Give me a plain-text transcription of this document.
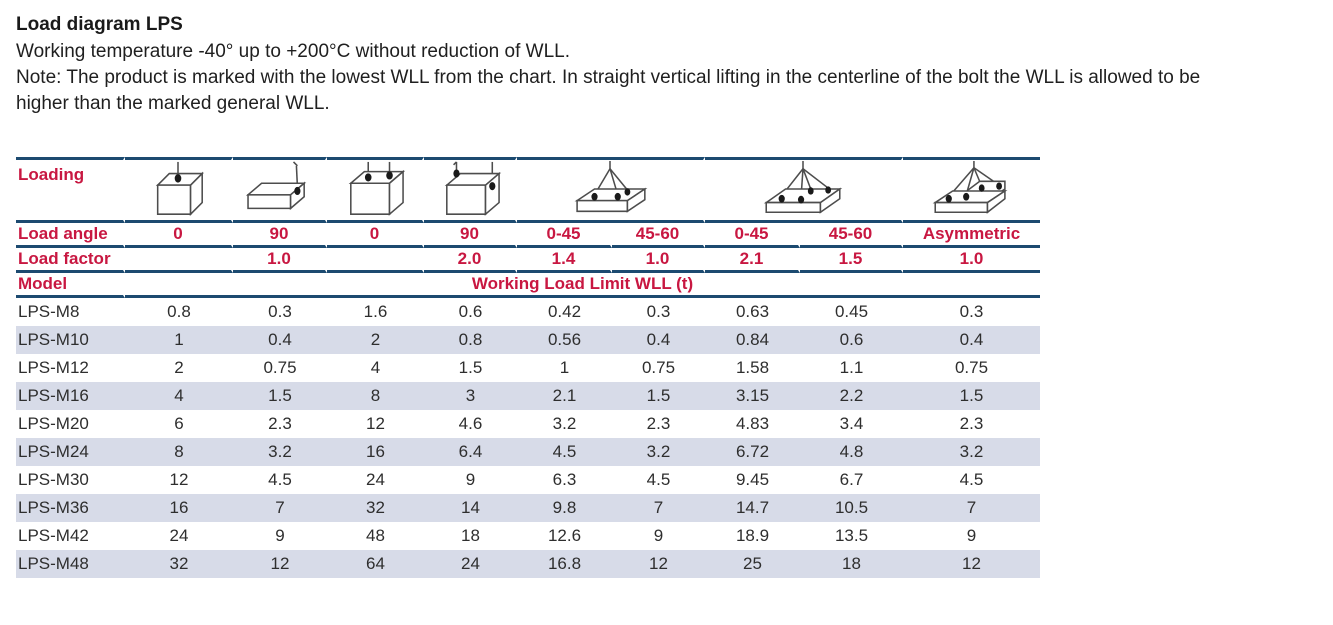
Load diagram LPS

Working temperature -40° up to +200°C without reduction of WLL.

Note: The product is marked with the lowest WLL from the chart. In straight vertical lifting in the centerline of the bolt the WLL is allowed to be

higher than the marked general WLL.

Loading	

Load angle	0	90	0	90	0-45	45-60	0-45	45-60	Asymmetric
Load factor		1.0		2.0	1.4	1.0	2.1	1.5	1.0
Model	Working Load Limit WLL (t)								
LPS-M8	0.8	0.3	1.6	0.6	0.42	0.3	0.63	0.45	0.3
LPS-M10	1	0.4	2	0.8	0.56	0.4	0.84	0.6	0.4
LPS-M12	2	0.75	4	1.5	1	0.75	1.58	1.1	0.75
LPS-M16	4	1.5	8	3	2.1	1.5	3.15	2.2	1.5
LPS-M20	6	2.3	12	4.6	3.2	2.3	4.83	3.4	2.3
LPS-M24	8	3.2	16	6.4	4.5	3.2	6.72	4.8	3.2
LPS-M30	12	4.5	24	9	6.3	4.5	9.45	6.7	4.5
LPS-M36	16	7	32	14	9.8	7	14.7	10.5	7
LPS-M42	24	9	48	18	12.6	9	18.9	13.5	9
LPS-M48	32	12	64	24	16.8	12	25	18	12
